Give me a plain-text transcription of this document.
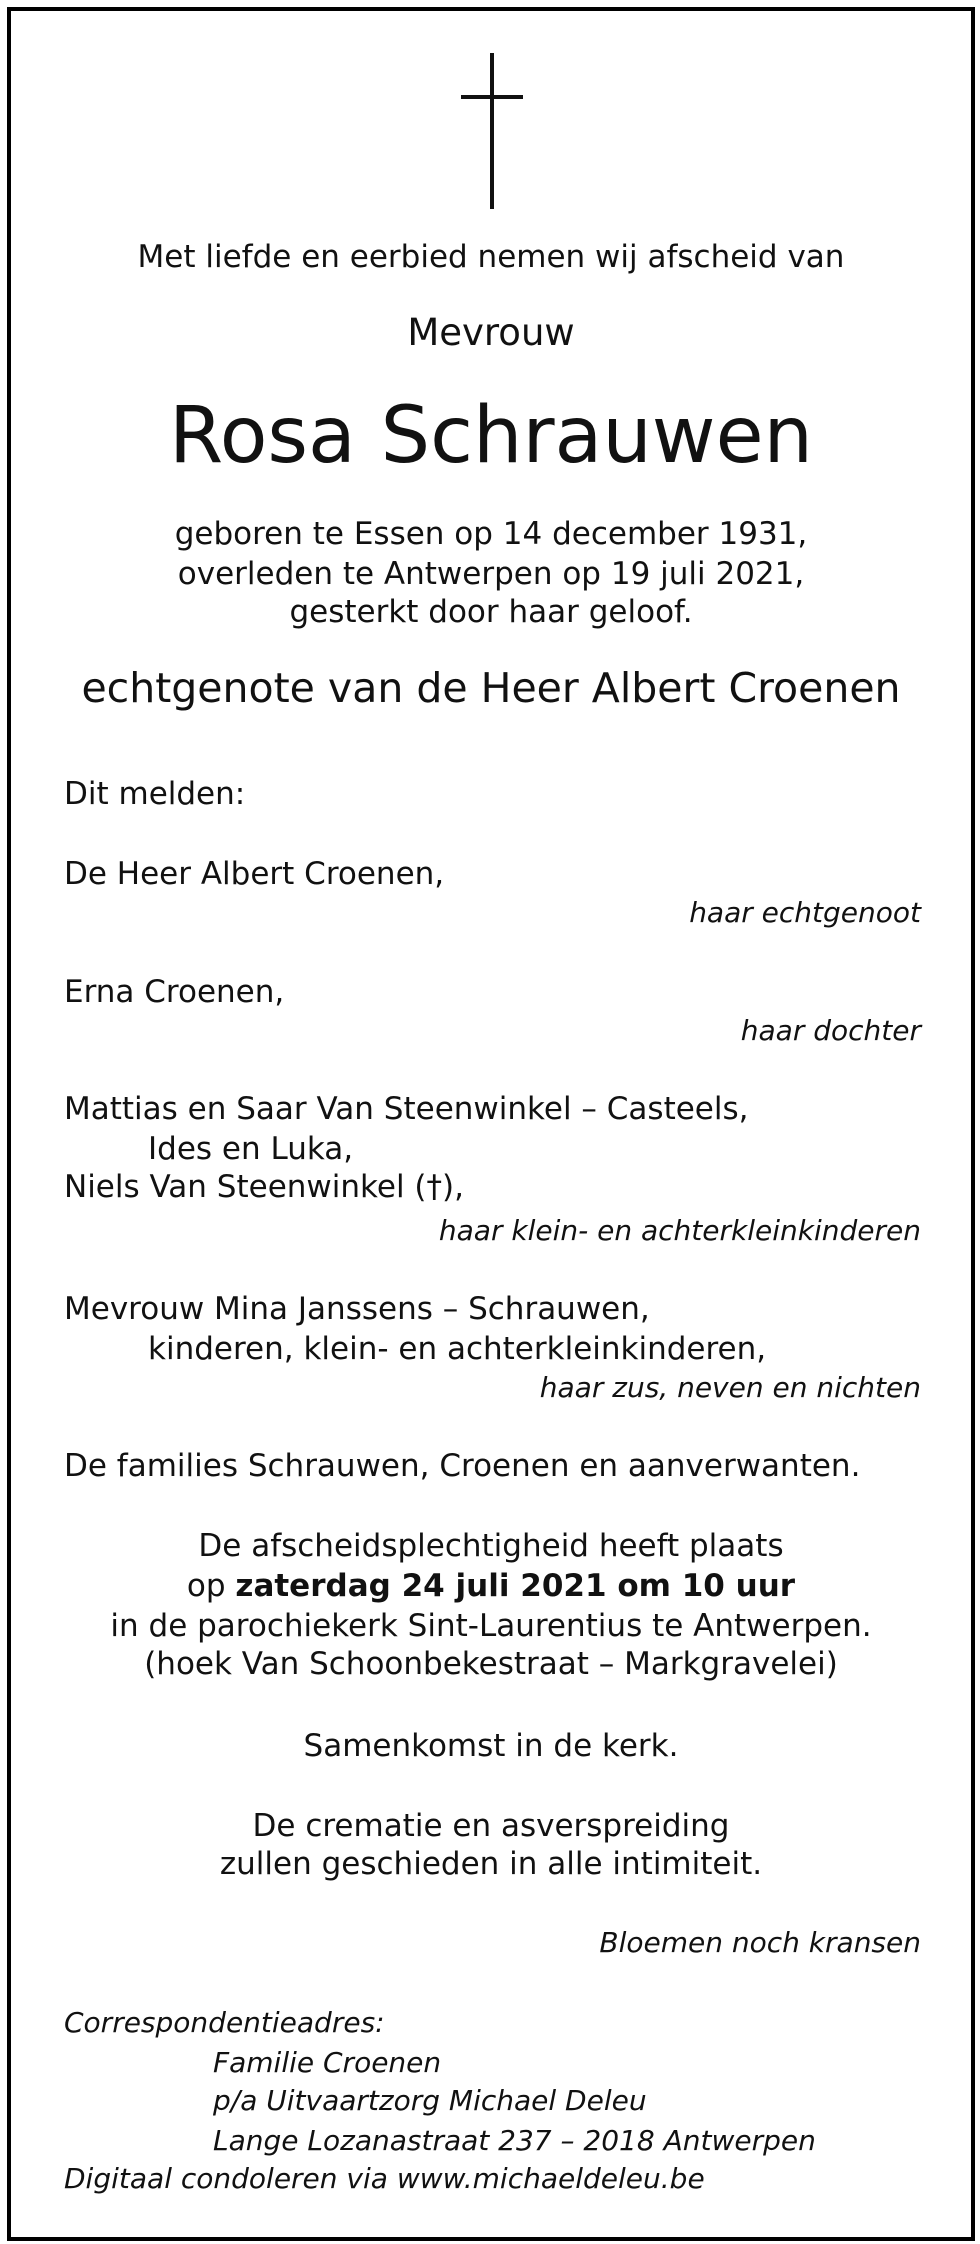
Met liefde en eerbied nemen wij afscheid van
Mevrouw
Rosa Schrauwen
geboren te Essen op 14 december 1931,
overleden te Antwerpen op 19 juli 2021,
gesterkt door haar geloof.
echtgenote van de Heer Albert Croenen
Dit melden:
De Heer Albert Croenen,
haar echtgenoot
Erna Croenen,
haar dochter
Mattias en Saar Van Steenwinkel – Casteels,
Ides en Luka,
Niels Van Steenwinkel (†),
haar klein- en achterkleinkinderen
Mevrouw Mina Janssens – Schrauwen,
kinderen, klein- en achterkleinkinderen,
haar zus, neven en nichten
De families Schrauwen, Croenen en aanverwanten.
De afscheidsplechtigheid heeft plaats
op zaterdag 24 juli 2021 om 10 uur
in de parochiekerk Sint-Laurentius te Antwerpen.
(hoek Van Schoonbekestraat – Markgravelei)
Samenkomst in de kerk.
De crematie en asverspreiding
zullen geschieden in alle intimiteit.
Bloemen noch kransen
Correspondentieadres:
Familie Croenen
p/a Uitvaartzorg Michael Deleu
Lange Lozanastraat 237 – 2018 Antwerpen
Digitaal condoleren via www.michaeldeleu.be
